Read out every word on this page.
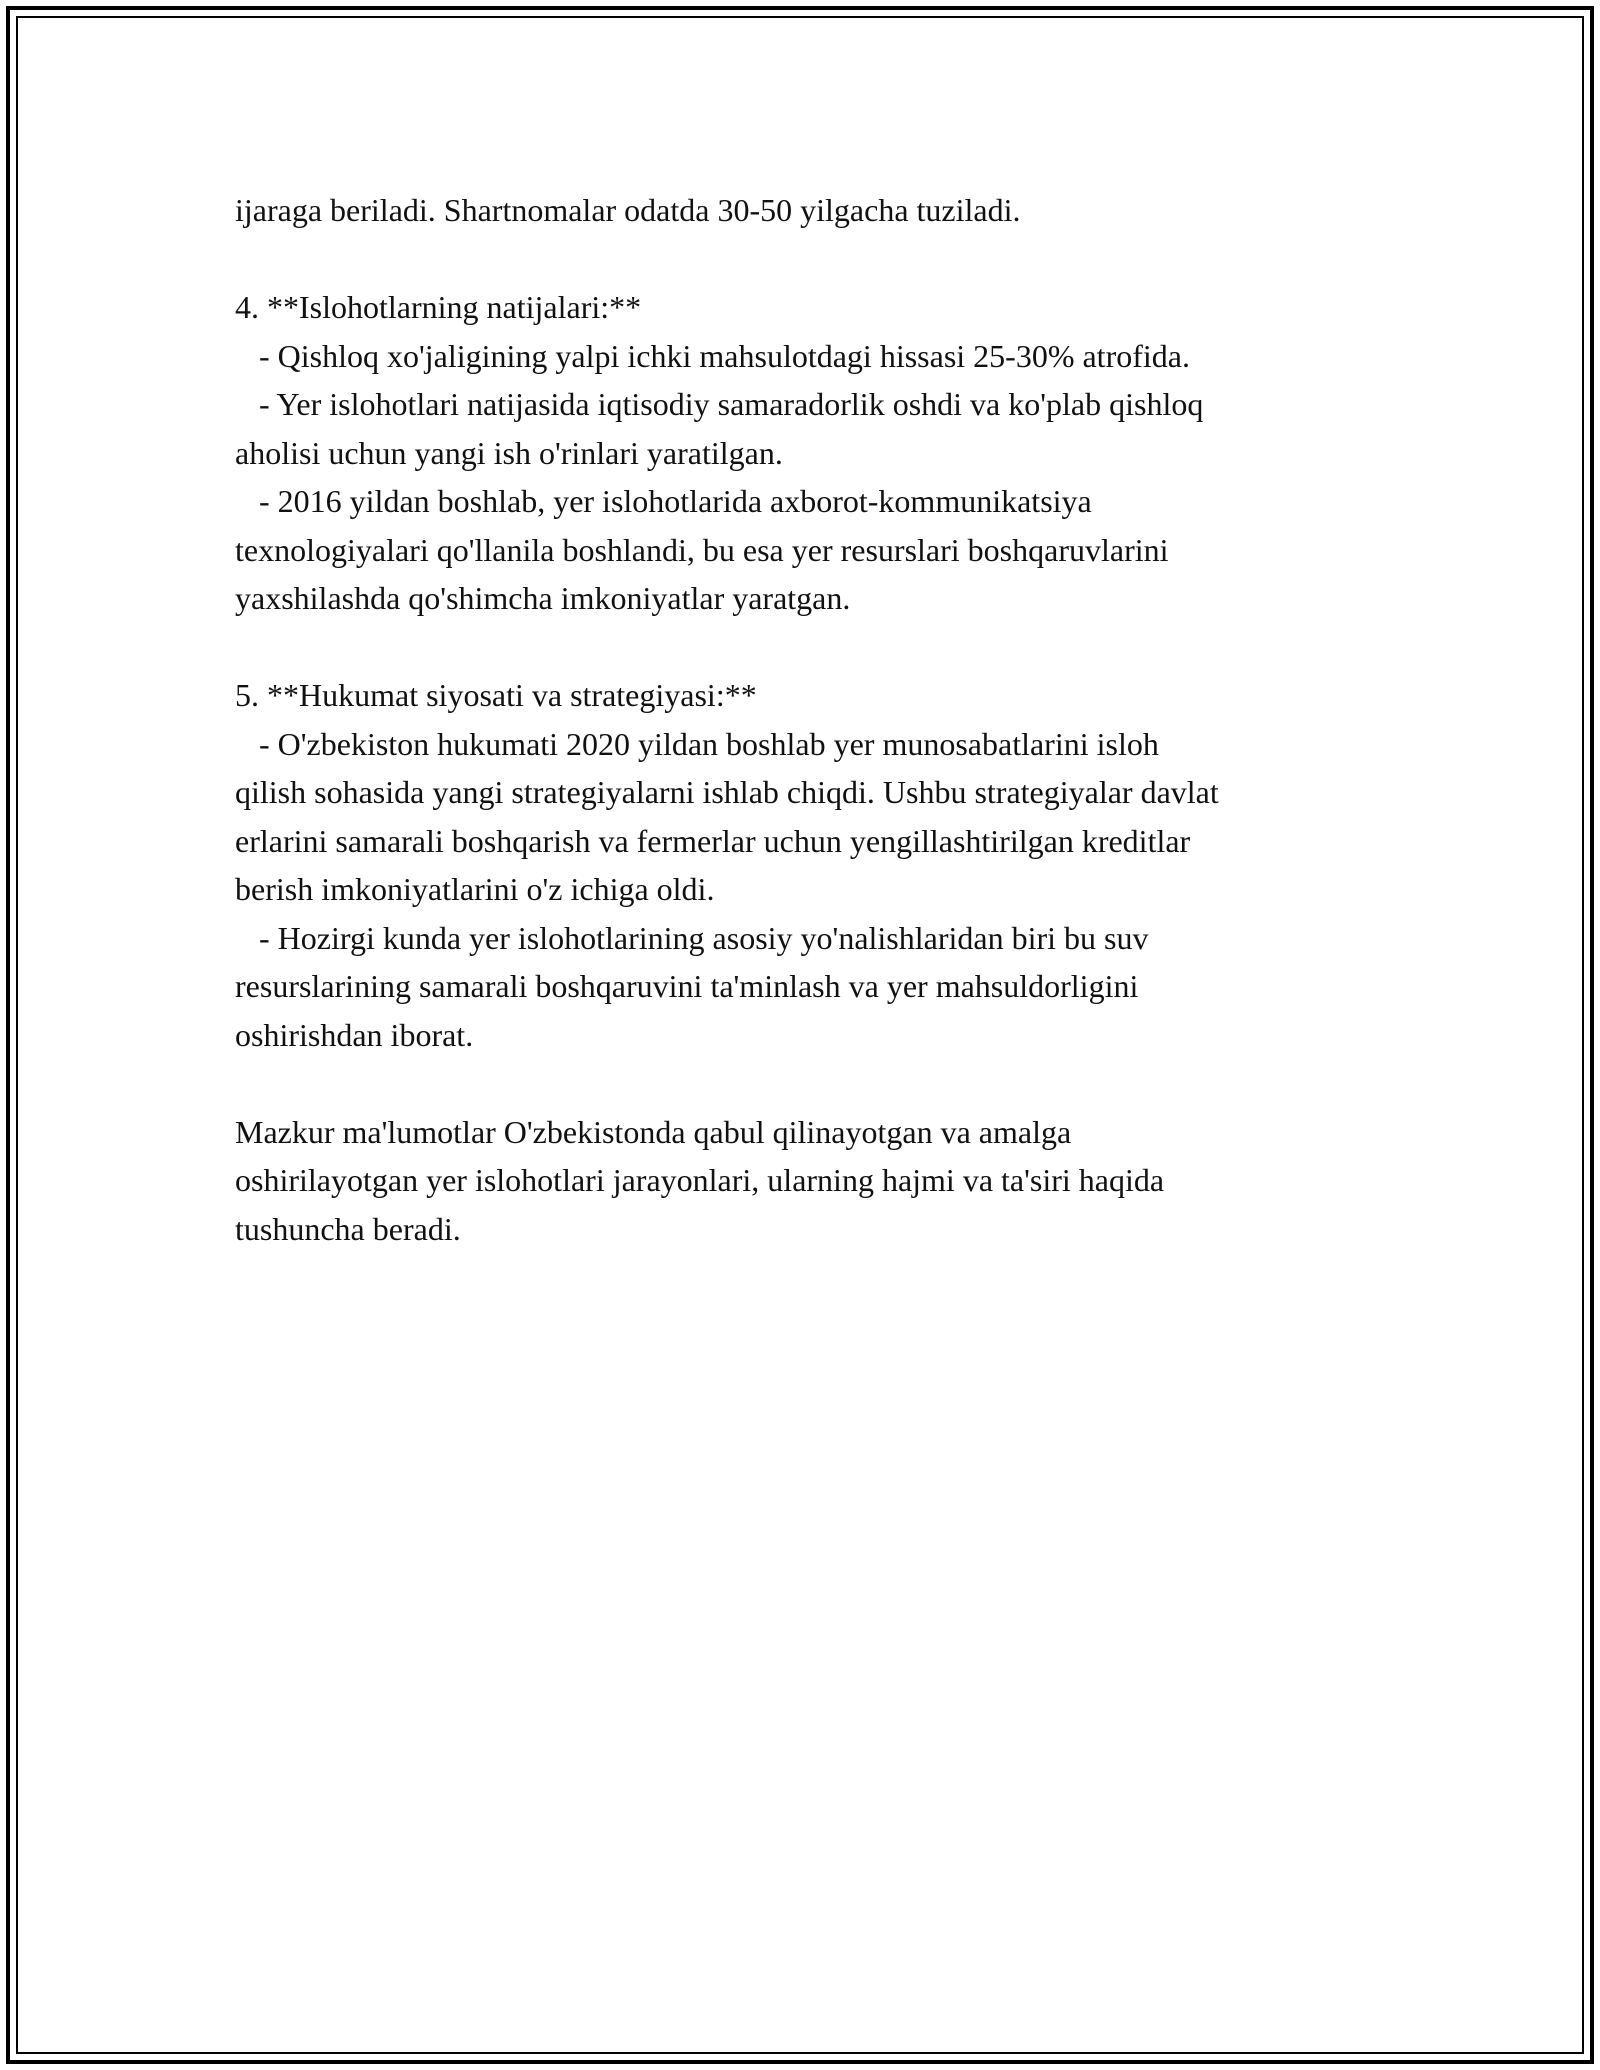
ijaraga beriladi. Shartnomalar odatda 30-50 yilgachа tuziladi.
4. **Islohotlarning natijalari:**
- Qishloq xo'jaligining yalpi ichki mahsulotdagi hissasi 25-30% atrofida.
- Yer islohotlari natijasida iqtisodiy samaradorlik oshdi va ko'plab qishloq
aholisi uchun yangi ish o'rinlari yaratilgan.
- 2016 yildan boshlab, yer islohotlarida axborot-kommunikatsiya
texnologiyalari qo'llanila boshlandi, bu esa yer resurslari boshqaruvlarini
yaxshilashda qo'shimcha imkoniyatlar yaratgan.
5. **Hukumat siyosati va strategiyasi:**
- O'zbekiston hukumati 2020 yildan boshlab yer munosabatlarini isloh
qilish sohasida yangi strategiyalarni ishlab chiqdi. Ushbu strategiyalar davlat
erlarini samarali boshqarish va fermerlar uchun yengillashtirilgan kreditlar
berish imkoniyatlarini o'z ichiga oldi.
- Hozirgi kunda yer islohotlarining asosiy yo'nalishlaridan biri bu suv
resurslarining samarali boshqaruvini ta'minlash va yer mahsuldorligini
oshirishdan iborat.
Mazkur ma'lumotlar O'zbekistonda qabul qilinayotgan va amalga
oshirilayotgan yer islohotlari jarayonlari, ularning hajmi va ta'siri haqida
tushuncha beradi.
